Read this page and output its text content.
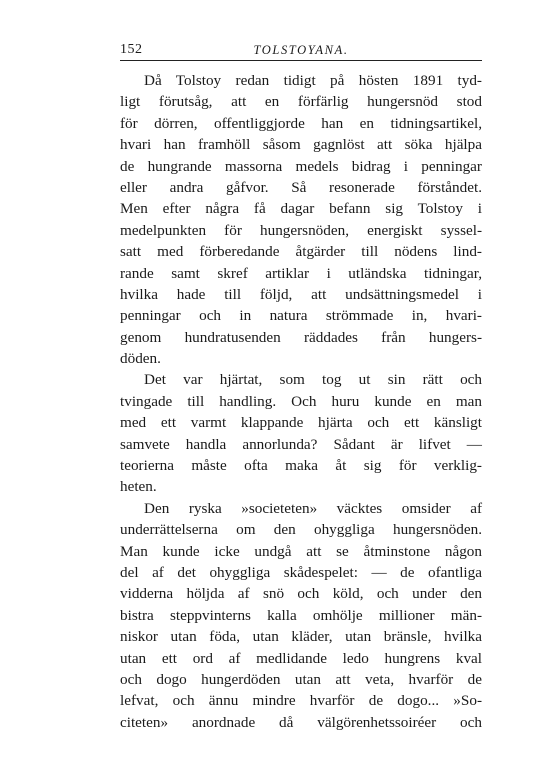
152	TOLSTOYANA.
Då Tolstoy redan tidigt på hösten 1891 tyd-
ligt förutsåg, att en förfärlig hungersnöd stod
för dörren, offentliggjorde han en tidningsartikel,
hvari han framhöll såsom gagnlöst att söka hjälpa
de hungrande massorna medels bidrag i penningar
eller andra gåfvor. Så resonerade förståndet.
Men efter några få dagar befann sig Tolstoy i
medelpunkten för hungersnöden, energiskt syssel-
satt med förberedande åtgärder till nödens lind-
rande samt skref artiklar i utländska tidningar,
hvilka hade till följd, att undsättningsmedel i
penningar och in natura strömmade in, hvari-
genom hundratusenden räddades från hungers-
döden.
Det var hjärtat, som tog ut sin rätt och
tvingade till handling. Och huru kunde en man
med ett varmt klappande hjärta och ett känsligt
samvete handla annorlunda? Sådant är lifvet —
teorierna måste ofta maka åt sig för verklig-
heten.
Den ryska »societeten» väcktes omsider af
underrättelserna om den ohyggliga hungersnöden.
Man kunde icke undgå att se åtminstone någon
del af det ohyggliga skådespelet: — de ofantliga
vidderna höljda af snö och köld, och under den
bistra steppvinterns kalla omhölje millioner män-
niskor utan föda, utan kläder, utan bränsle, hvilka
utan ett ord af medlidande ledo hungrens kval
och dogo hungerdöden utan att veta, hvarför de
lefvat, och ännu mindre hvarför de dogo... »So-
citeten» anordnade då välgörenhetssoiréer och
